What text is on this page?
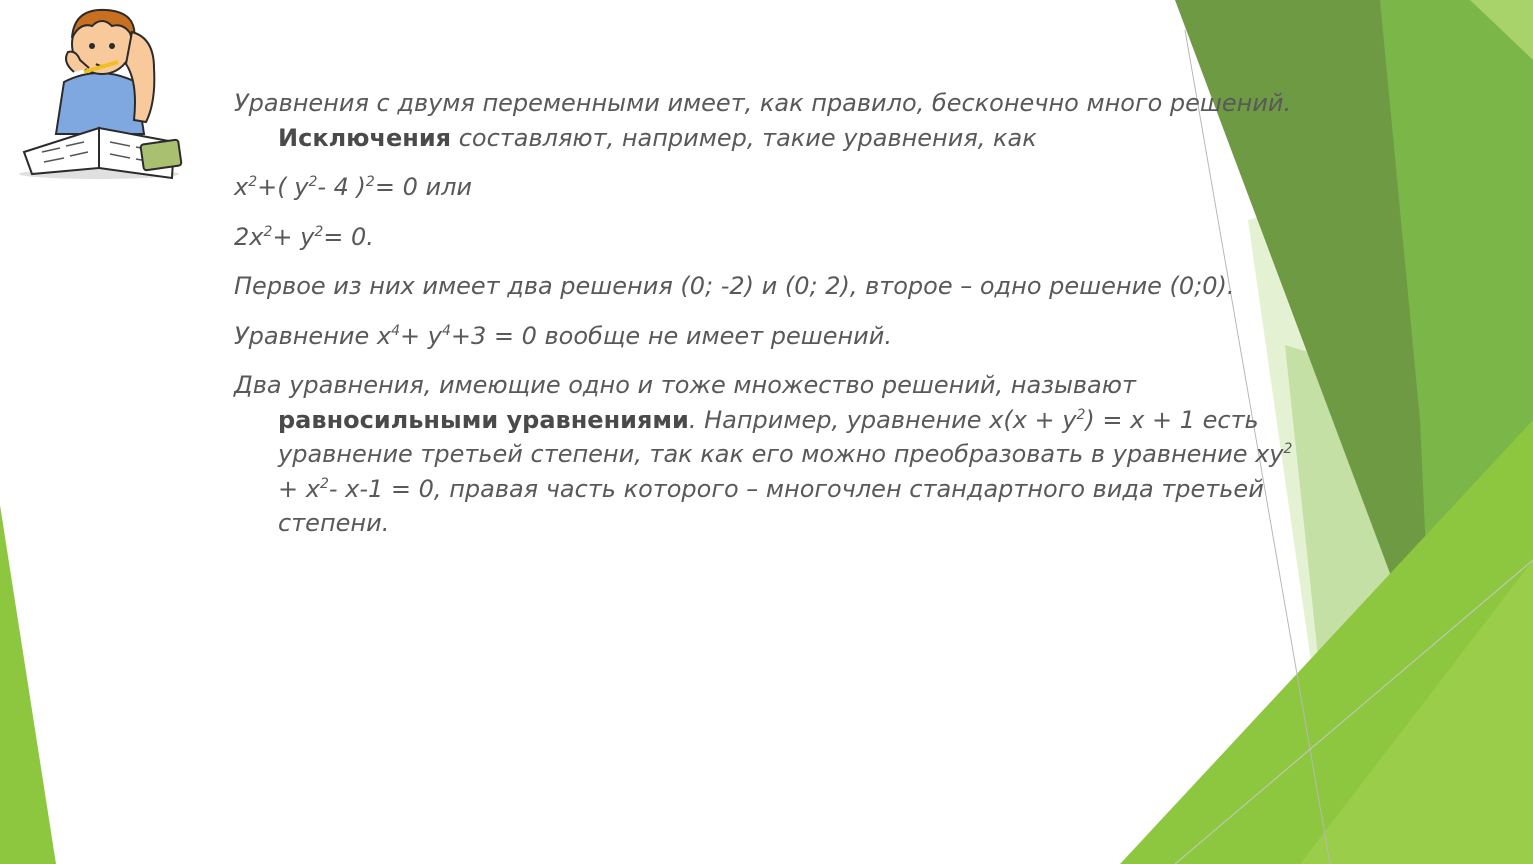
Уравнения с двумя переменными имеет, как правило, бесконечно много решений. Исключения составляют, например, такие уравнения, как

$x^2+$( $y^2-$ 4 )$^2$= 0 или

$2x^2+ y^2= 0$.

Первое из них имеет два решения (0; -2) и (0; 2), второе – одно решение (0;0).

Уравнение $x^4+ y^4+3 = 0$ вообще не имеет решений.

Два уравнения, имеющие одно и тоже множество решений, называют равносильными уравнениями. Например, уравнение $x(x + y^2) = x + 1$ есть уравнение третьей степени, так как его можно преобразовать в уравнение $xy^2 + x^2-$ x-1 = 0, правая часть которого – многочлен стандартного вида третьей степени.
